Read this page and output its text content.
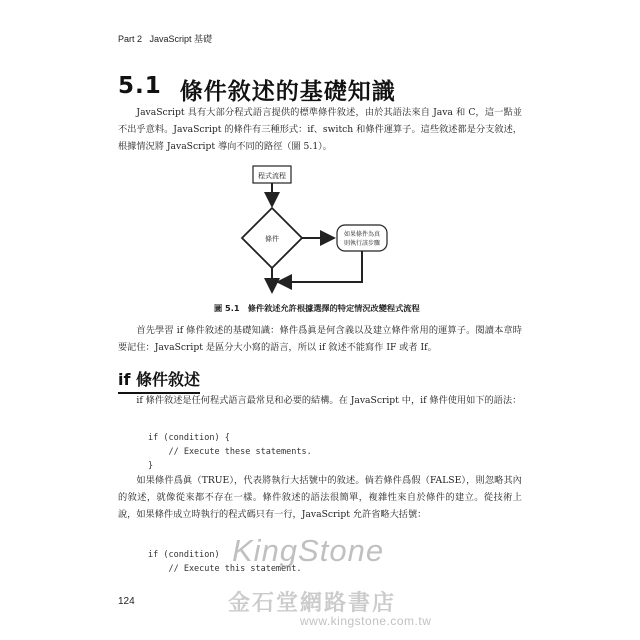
Part 2 JavaScript 基礎
5.1 條件敘述的基礎知識

JavaScript 具有大部分程式語言提供的標準條件敘述，由於其語法來自 Java 和 C，這一點並不出乎意料。JavaScript 的條件有三種形式：if、switch 和條件運算子。這些敘述都是分支敘述，根據情況將 JavaScript 導向不同的路徑（圖 5.1）。

程式流程
條件
如果條件為真
則執行該步驟
圖 5.1　條件敘述允許根據選擇的特定情況改變程式流程

首先學習 if 條件敘述的基礎知識：條件爲眞是何含義以及建立條件常用的運算子。閱讀本章時要記住：JavaScript 是區分大小寫的語言，所以 if 敘述不能寫作 IF 或者 If。

if 條件敘述

if 條件敘述是任何程式語言最常見和必要的結構。在 JavaScript 中，if 條件使用如下的語法：

if (condition) {
// Execute these statements.
}

如果條件爲眞（TRUE），代表將執行大括號中的敘述。倘若條件爲假（FALSE），則忽略其內的敘述，就像從來都不存在一樣。條件敘述的語法很簡單，複雜性來自於條件的建立。從技術上說，如果條件成立時執行的程式碼只有一行，JavaScript 允許省略大括號：

if (condition)
// Execute this statement.
124
KingStone
金石堂網路書店
www.kingstone.com.tw
